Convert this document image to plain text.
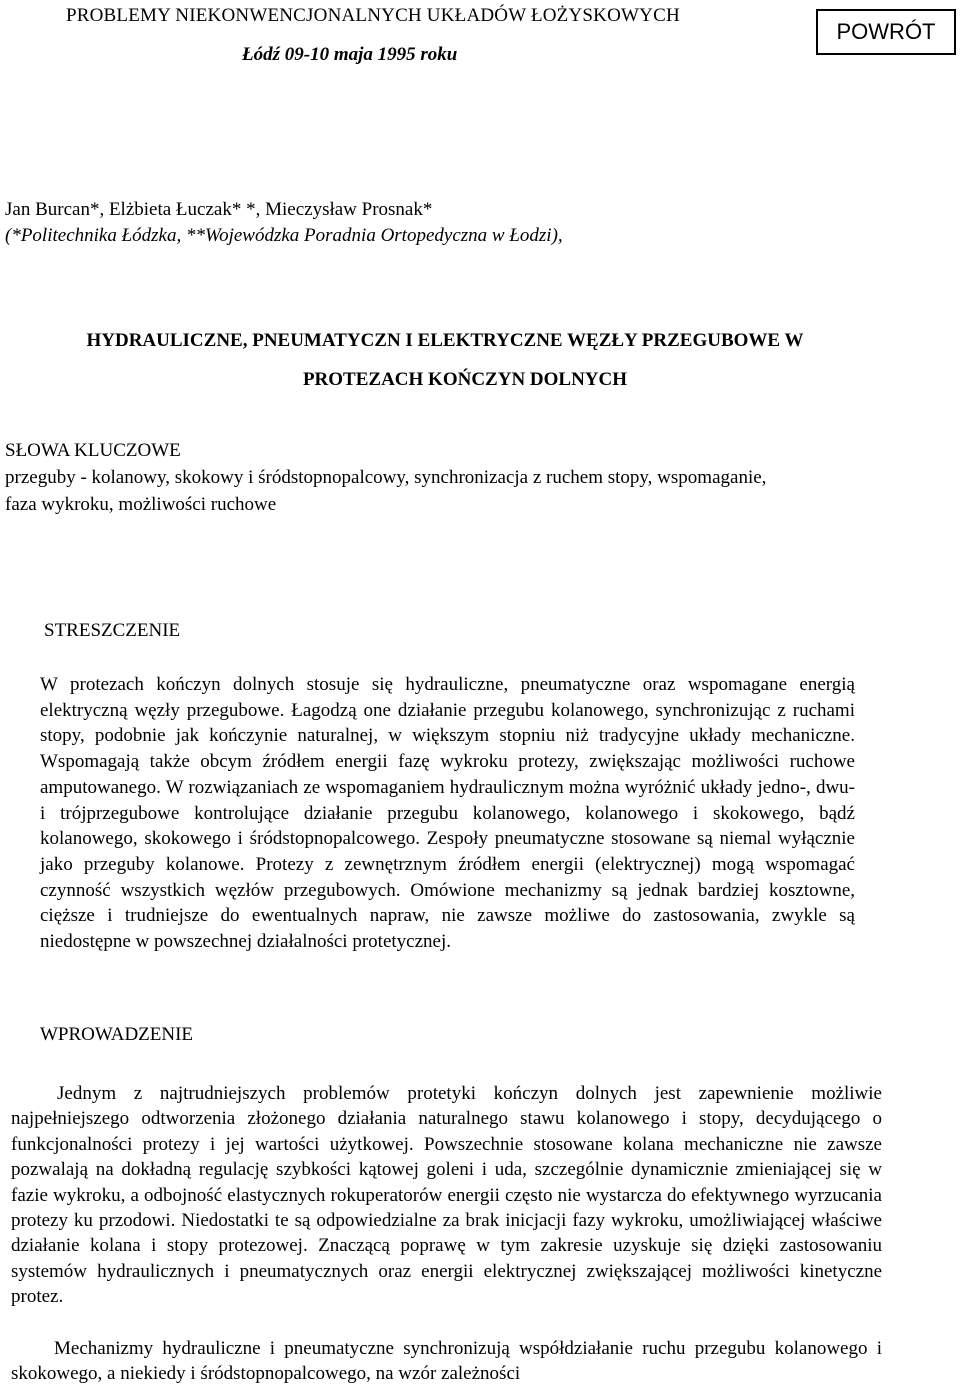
PROBLEMY NIEKONWENCJONALNYCH UKŁADÓW ŁOŻYSKOWYCH
Łódź 09-10 maja 1995 roku
POWRÓT
Jan Burcan*, Elżbieta Łuczak* *, Mieczysław Prosnak*
(*Politechnika Łódzka, **Wojewódzka Poradnia Ortopedyczna w Łodzi),
HYDRAULICZNE, PNEUMATYCZN I ELEKTRYCZNE WĘZŁY PRZEGUBOWE W
PROTEZACH KOŃCZYN DOLNYCH
SŁOWA KLUCZOWE
przeguby - kolanowy, skokowy i śródstopnopalcowy, synchronizacja z ruchem stopy, wspomaganie,
faza wykroku, możliwości ruchowe
STRESZCZENIE
W protezach kończyn dolnych stosuje się hydrauliczne, pneumatyczne oraz wspomagane energią elektryczną węzły przegubowe. Łagodzą one działanie przegubu kolanowego, synchronizując z ruchami stopy, podobnie jak kończynie naturalnej, w większym stopniu niż tradycyjne układy mechaniczne. Wspomagają także obcym źródłem energii fazę wykroku protezy, zwiększając możliwości ruchowe amputowanego. W rozwiązaniach ze wspomaganiem hydraulicznym można wyróżnić układy jedno-, dwu- i trójprzegubowe kontrolujące działanie przegubu kolanowego, kolanowego i skokowego, bądź kolanowego, skokowego i śródstopnopalcowego. Zespoły pneumatyczne stosowane są niemal wyłącznie jako przeguby kolanowe. Protezy z zewnętrznym źródłem energii (elektrycznej) mogą wspomagać czynność wszystkich węzłów przegubowych. Omówione mechanizmy są jednak bardziej kosztowne, cięższe i trudniejsze do ewentualnych napraw, nie zawsze możliwe do zastosowania, zwykle są niedostępne w powszechnej działalności protetycznej.
WPROWADZENIE
Jednym z najtrudniejszych problemów protetyki kończyn dolnych jest zapewnienie możliwie najpełniejszego odtworzenia złożonego działania naturalnego stawu kolanowego i stopy, decydującego o funkcjonalności protezy i jej wartości użytkowej. Powszechnie stosowane kolana mechaniczne nie zawsze pozwalają na dokładną regulację szybkości kątowej goleni i uda, szczególnie dynamicznie zmieniającej się w fazie wykroku, a odbojność elastycznych rokuperatorów energii często nie wystarcza do efektywnego wyrzucania protezy ku przodowi. Niedostatki te są odpowiedzialne za brak inicjacji fazy wykroku, umożliwiającej właściwe działanie kolana i stopy protezowej. Znaczącą poprawę w tym zakresie uzyskuje się dzięki zastosowaniu systemów hydraulicznych i pneumatycznych oraz energii elektrycznej zwiększającej możliwości kinetyczne protez.
Mechanizmy hydrauliczne i pneumatyczne synchronizują współdziałanie ruchu przegubu kolanowego i skokowego, a niekiedy i śródstopnopalcowego, na wzór zależności
